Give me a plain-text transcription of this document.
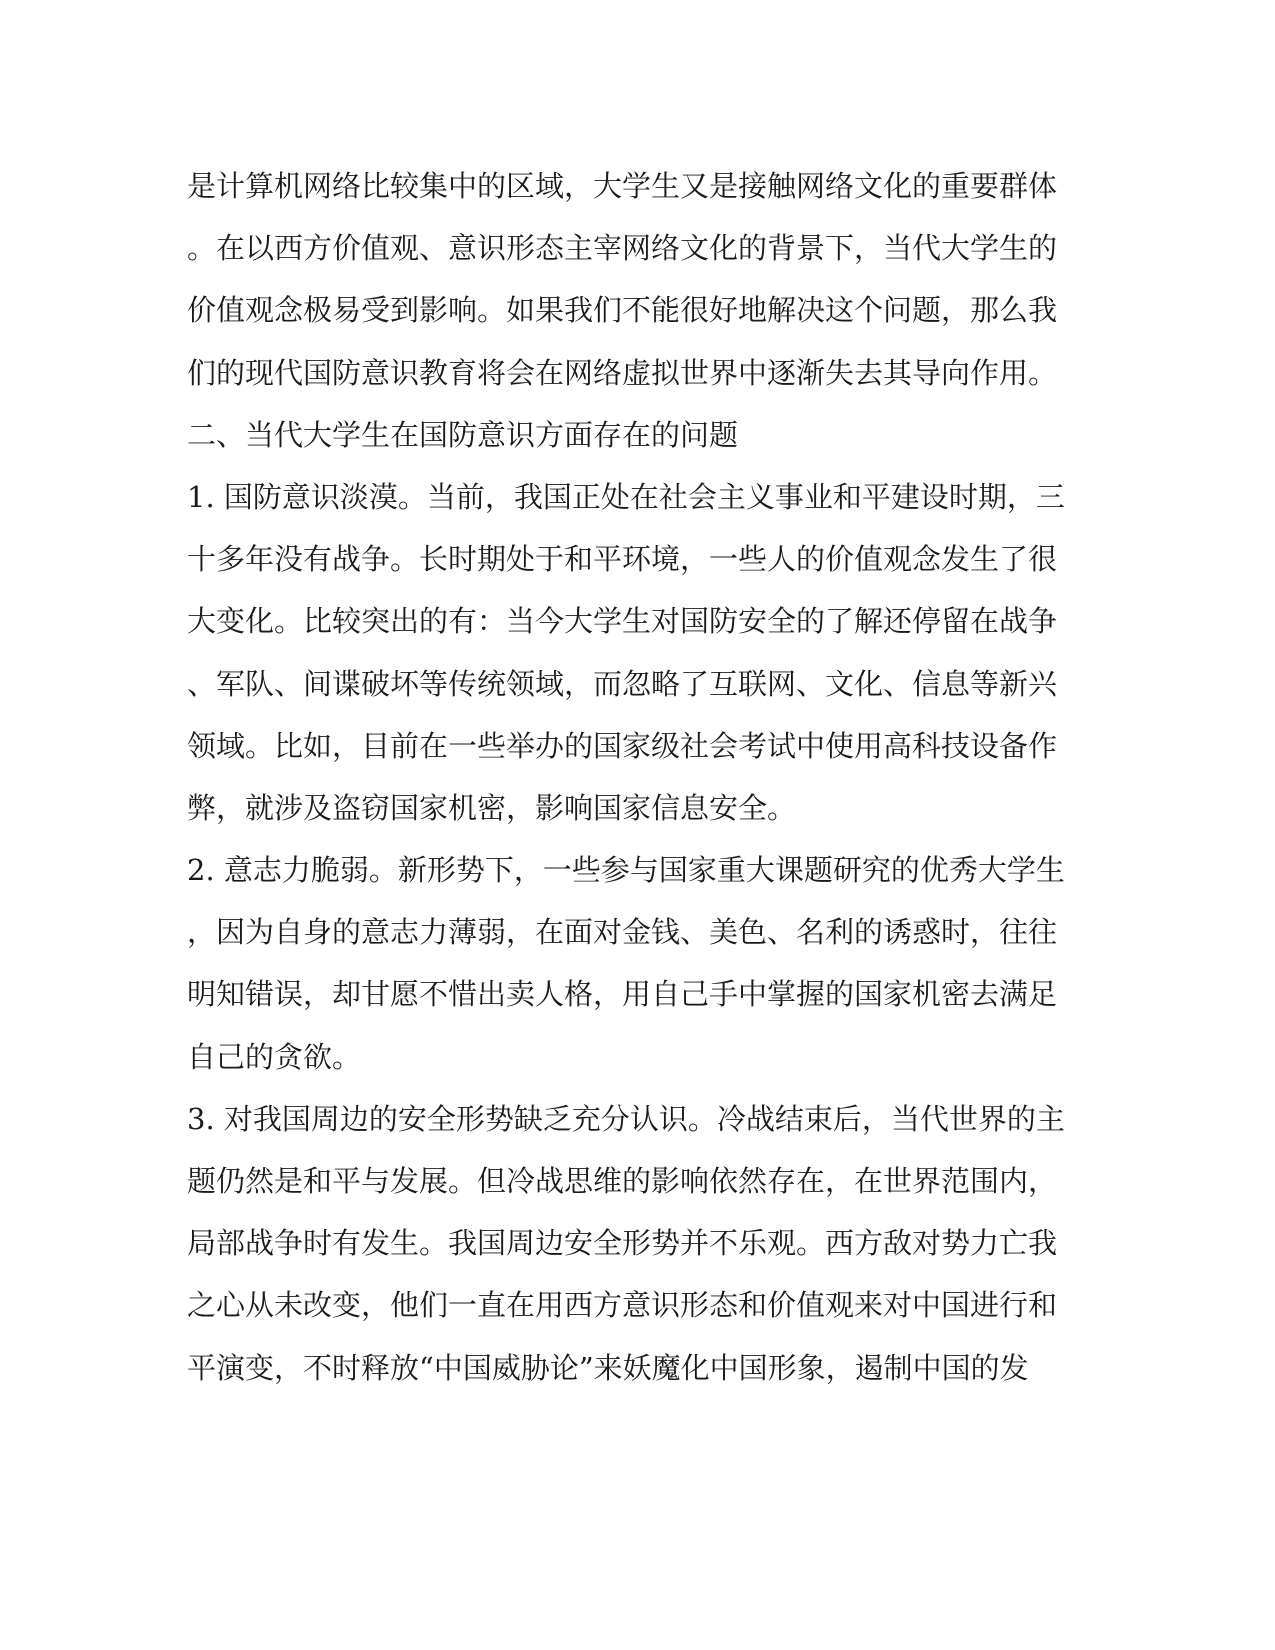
是计算机网络比较集中的区域，大学生又是接触网络文化的重要群体
。在以西方价值观、意识形态主宰网络文化的背景下，当代大学生的
价值观念极易受到影响。如果我们不能很好地解决这个问题，那么我
们的现代国防意识教育将会在网络虚拟世界中逐渐失去其导向作用。
二、当代大学生在国防意识方面存在的问题
1. 国防意识淡漠。当前，我国正处在社会主义事业和平建设时期，三
十多年没有战争。长时期处于和平环境，一些人的价值观念发生了很
大变化。比较突出的有：当今大学生对国防安全的了解还停留在战争
、军队、间谍破坏等传统领域，而忽略了互联网、文化、信息等新兴
领域。比如，目前在一些举办的国家级社会考试中使用高科技设备作
弊，就涉及盗窃国家机密，影响国家信息安全。
2. 意志力脆弱。新形势下，一些参与国家重大课题研究的优秀大学生
，因为自身的意志力薄弱，在面对金钱、美色、名利的诱惑时，往往
明知错误，却甘愿不惜出卖人格，用自己手中掌握的国家机密去满足
自己的贪欲。
3. 对我国周边的安全形势缺乏充分认识。冷战结束后，当代世界的主
题仍然是和平与发展。但冷战思维的影响依然存在，在世界范围内，
局部战争时有发生。我国周边安全形势并不乐观。西方敌对势力亡我
之心从未改变，他们一直在用西方意识形态和价值观来对中国进行和
平演变，不时释放“中国威胁论”来妖魔化中国形象，遏制中国的发
